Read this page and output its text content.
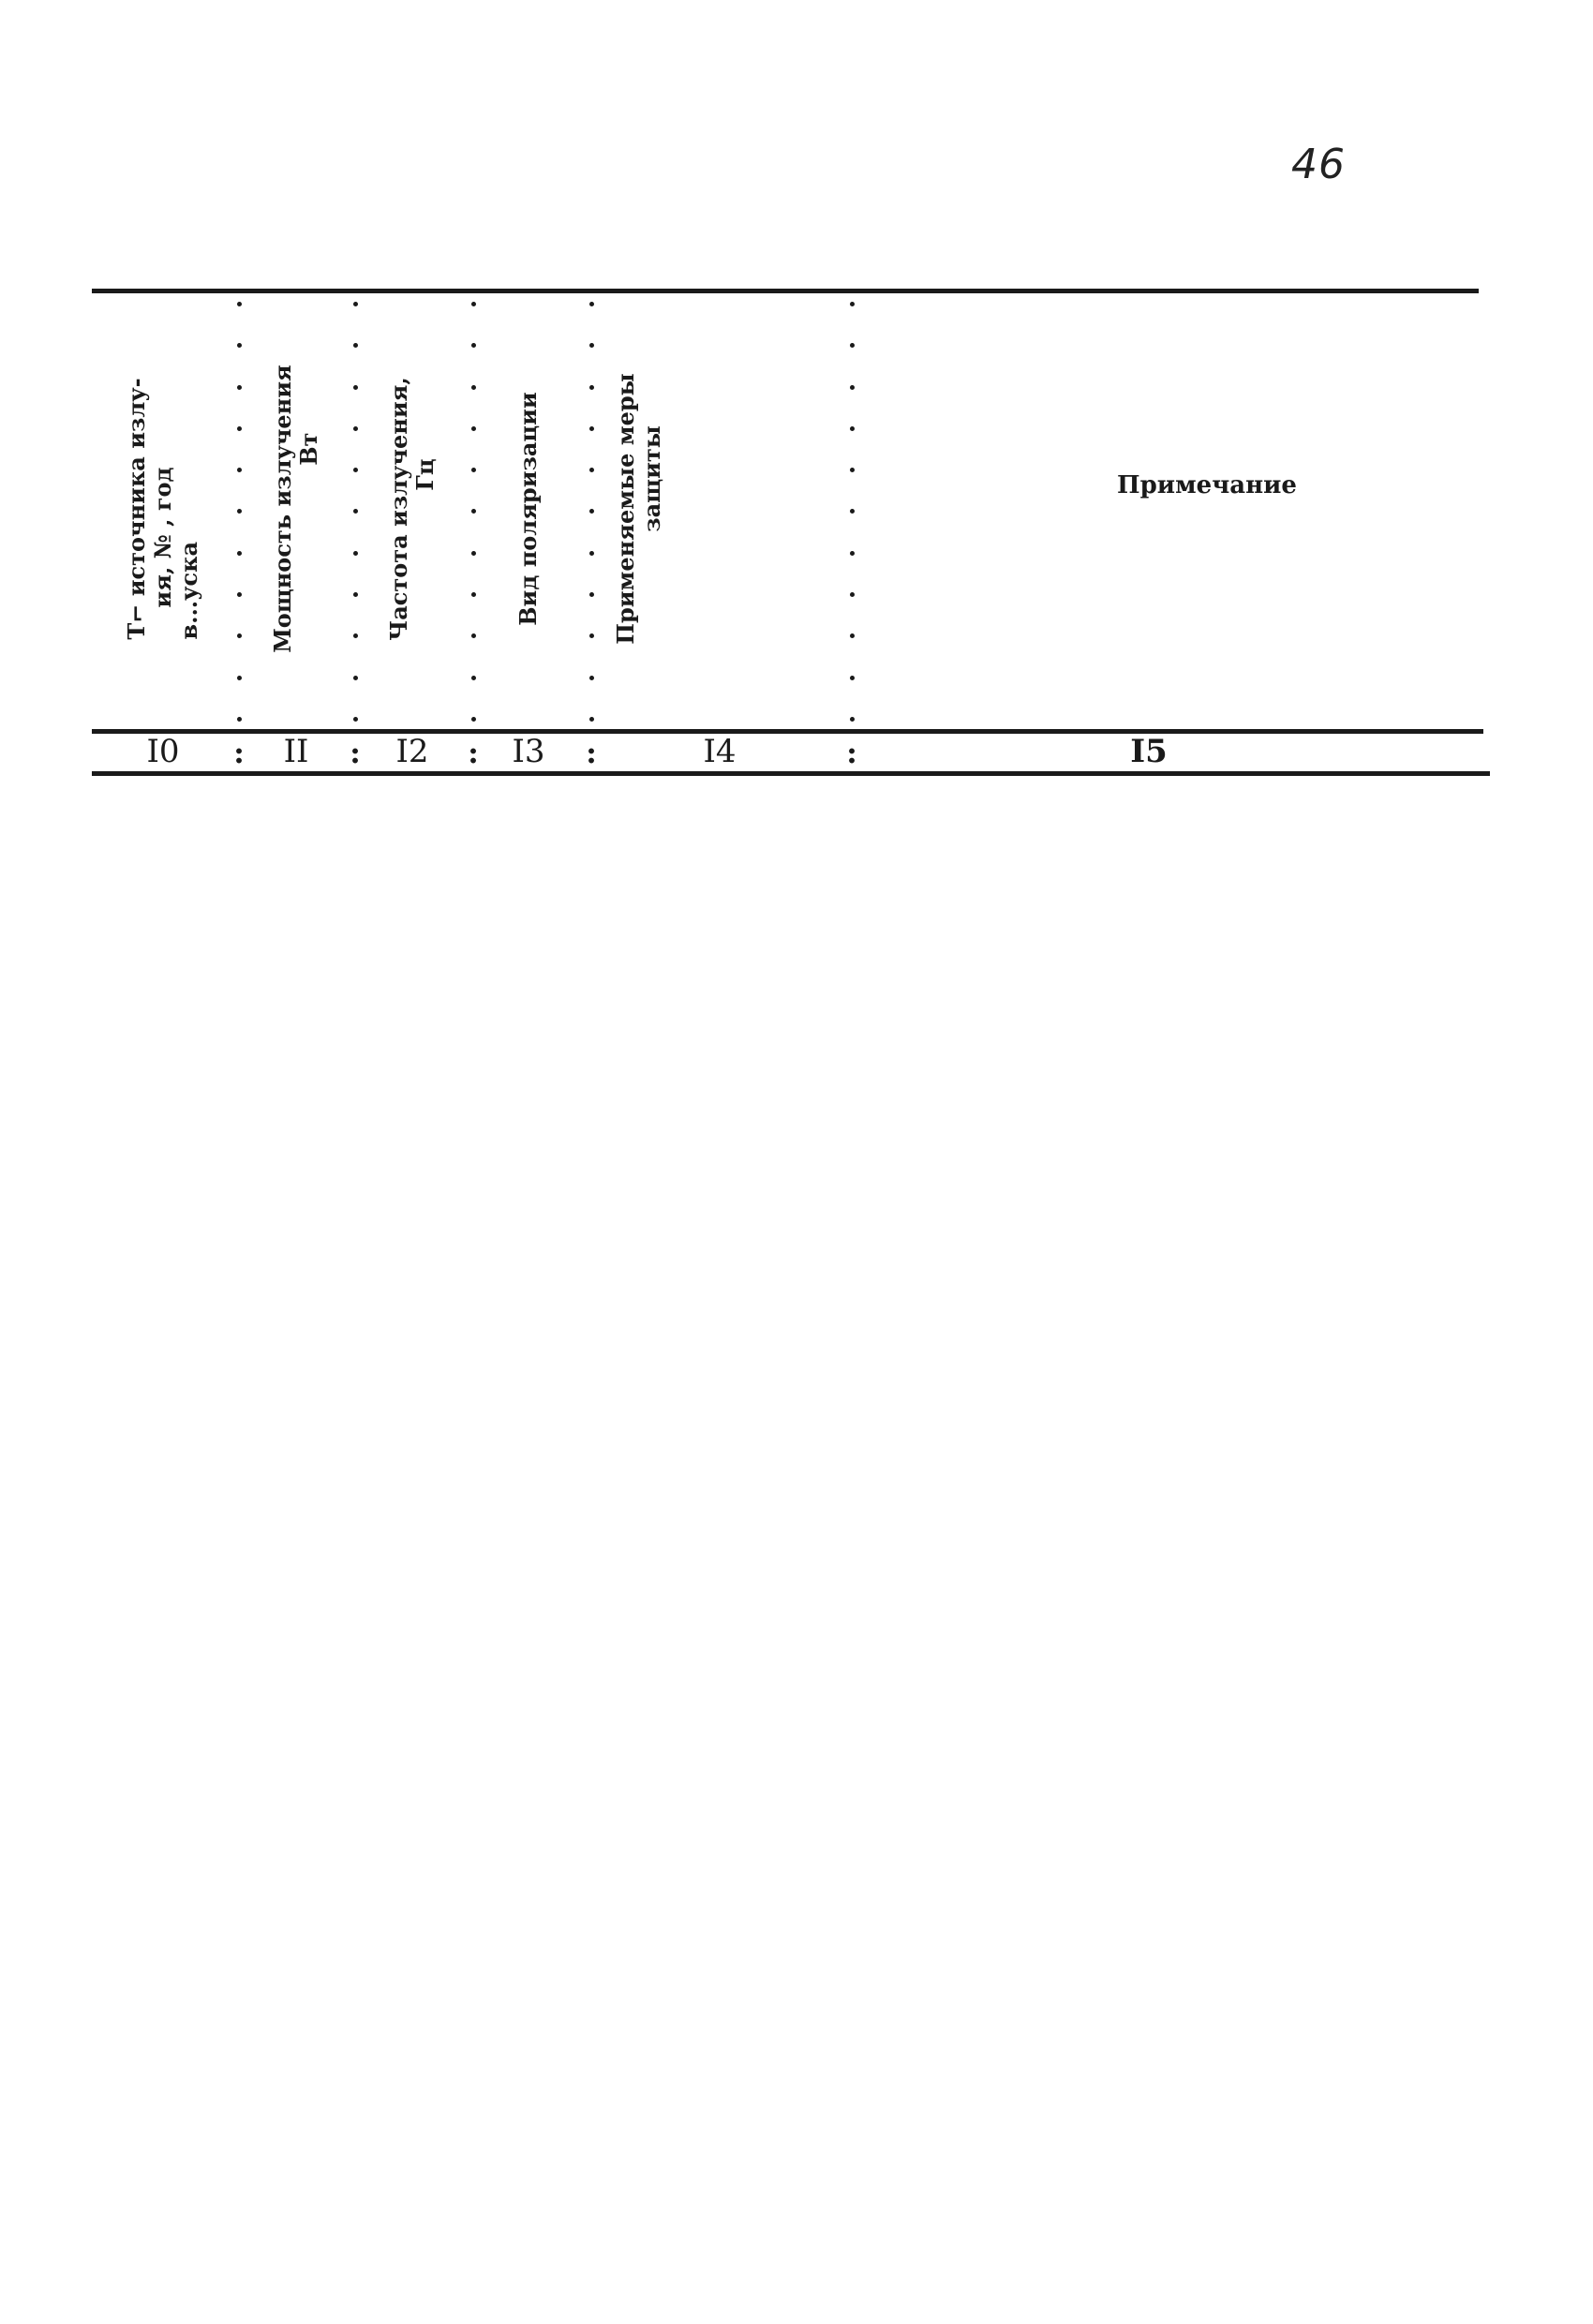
46
Т⌐ источника излу- ия, № , год в...уска	Мощность излучения Вт	Частота излучения, Гц	Вид поляризации	Применяемые меры защиты	Примечание
I0 : II : I2 : I3 :	I4	:	I5
